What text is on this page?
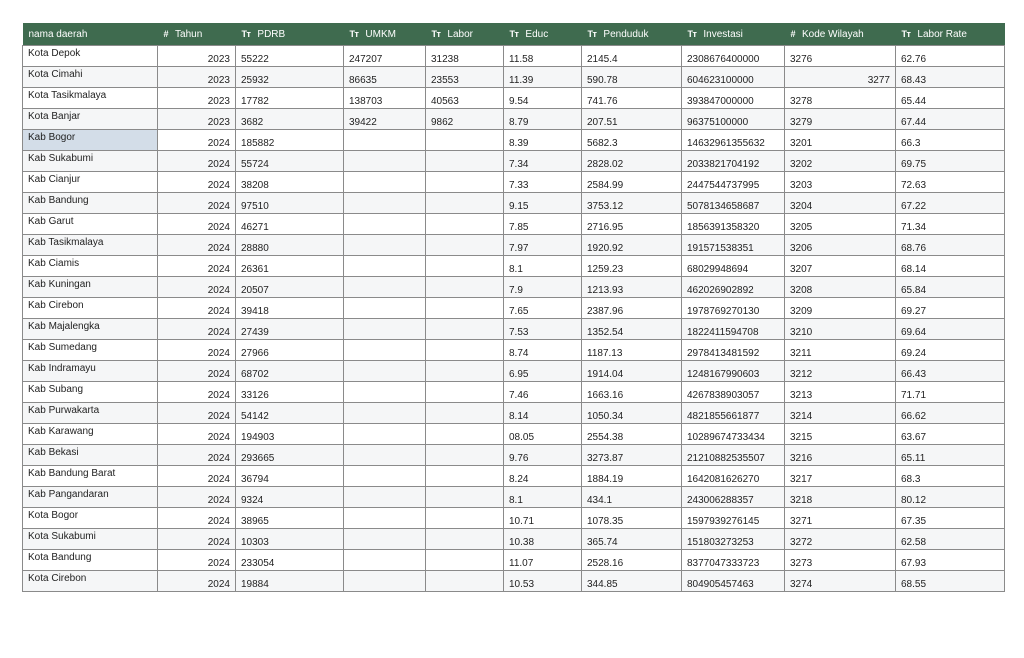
nama daerah	# Tahun	Tт PDRB	Tт UMKM	Tт Labor	Tт Educ	Tт Penduduk	Tт Investasi	# Kode Wilayah	Tт Labor Rate
Kota Depok	2023	55222	247207	31238	11.58	2145.4	2308676400000	3276	62.76
Kota Cimahi	2023	25932	86635	23553	11.39	590.78	604623100000	3277	68.43
Kota Tasikmalaya	2023	17782	138703	40563	9.54	741.76	393847000000	3278	65.44
Kota Banjar	2023	3682	39422	9862	8.79	207.51	96375100000	3279	67.44
Kab Bogor	2024	185882			8.39	5682.3	14632961355632	3201	66.3
Kab Sukabumi	2024	55724			7.34	2828.02	2033821704192	3202	69.75
Kab Cianjur	2024	38208			7.33	2584.99	2447544737995	3203	72.63
Kab Bandung	2024	97510			9.15	3753.12	5078134658687	3204	67.22
Kab Garut	2024	46271			7.85	2716.95	1856391358320	3205	71.34
Kab Tasikmalaya	2024	28880			7.97	1920.92	191571538351	3206	68.76
Kab Ciamis	2024	26361			8.1	1259.23	68029948694	3207	68.14
Kab Kuningan	2024	20507			7.9	1213.93	462026902892	3208	65.84
Kab Cirebon	2024	39418			7.65	2387.96	1978769270130	3209	69.27
Kab Majalengka	2024	27439			7.53	1352.54	1822411594708	3210	69.64
Kab Sumedang	2024	27966			8.74	1187.13	2978413481592	3211	69.24
Kab Indramayu	2024	68702			6.95	1914.04	1248167990603	3212	66.43
Kab Subang	2024	33126			7.46	1663.16	4267838903057	3213	71.71
Kab Purwakarta	2024	54142			8.14	1050.34	4821855661877	3214	66.62
Kab Karawang	2024	194903			08.05	2554.38	10289674733434	3215	63.67
Kab Bekasi	2024	293665			9.76	3273.87	21210882535507	3216	65.11
Kab Bandung Barat	2024	36794			8.24	1884.19	1642081626270	3217	68.3
Kab Pangandaran	2024	9324			8.1	434.1	243006288357	3218	80.12
Kota Bogor	2024	38965			10.71	1078.35	1597939276145	3271	67.35
Kota Sukabumi	2024	10303			10.38	365.74	151803273253	3272	62.58
Kota Bandung	2024	233054			11.07	2528.16	8377047333723	3273	67.93
Kota Cirebon	2024	19884			10.53	344.85	804905457463	3274	68.55
